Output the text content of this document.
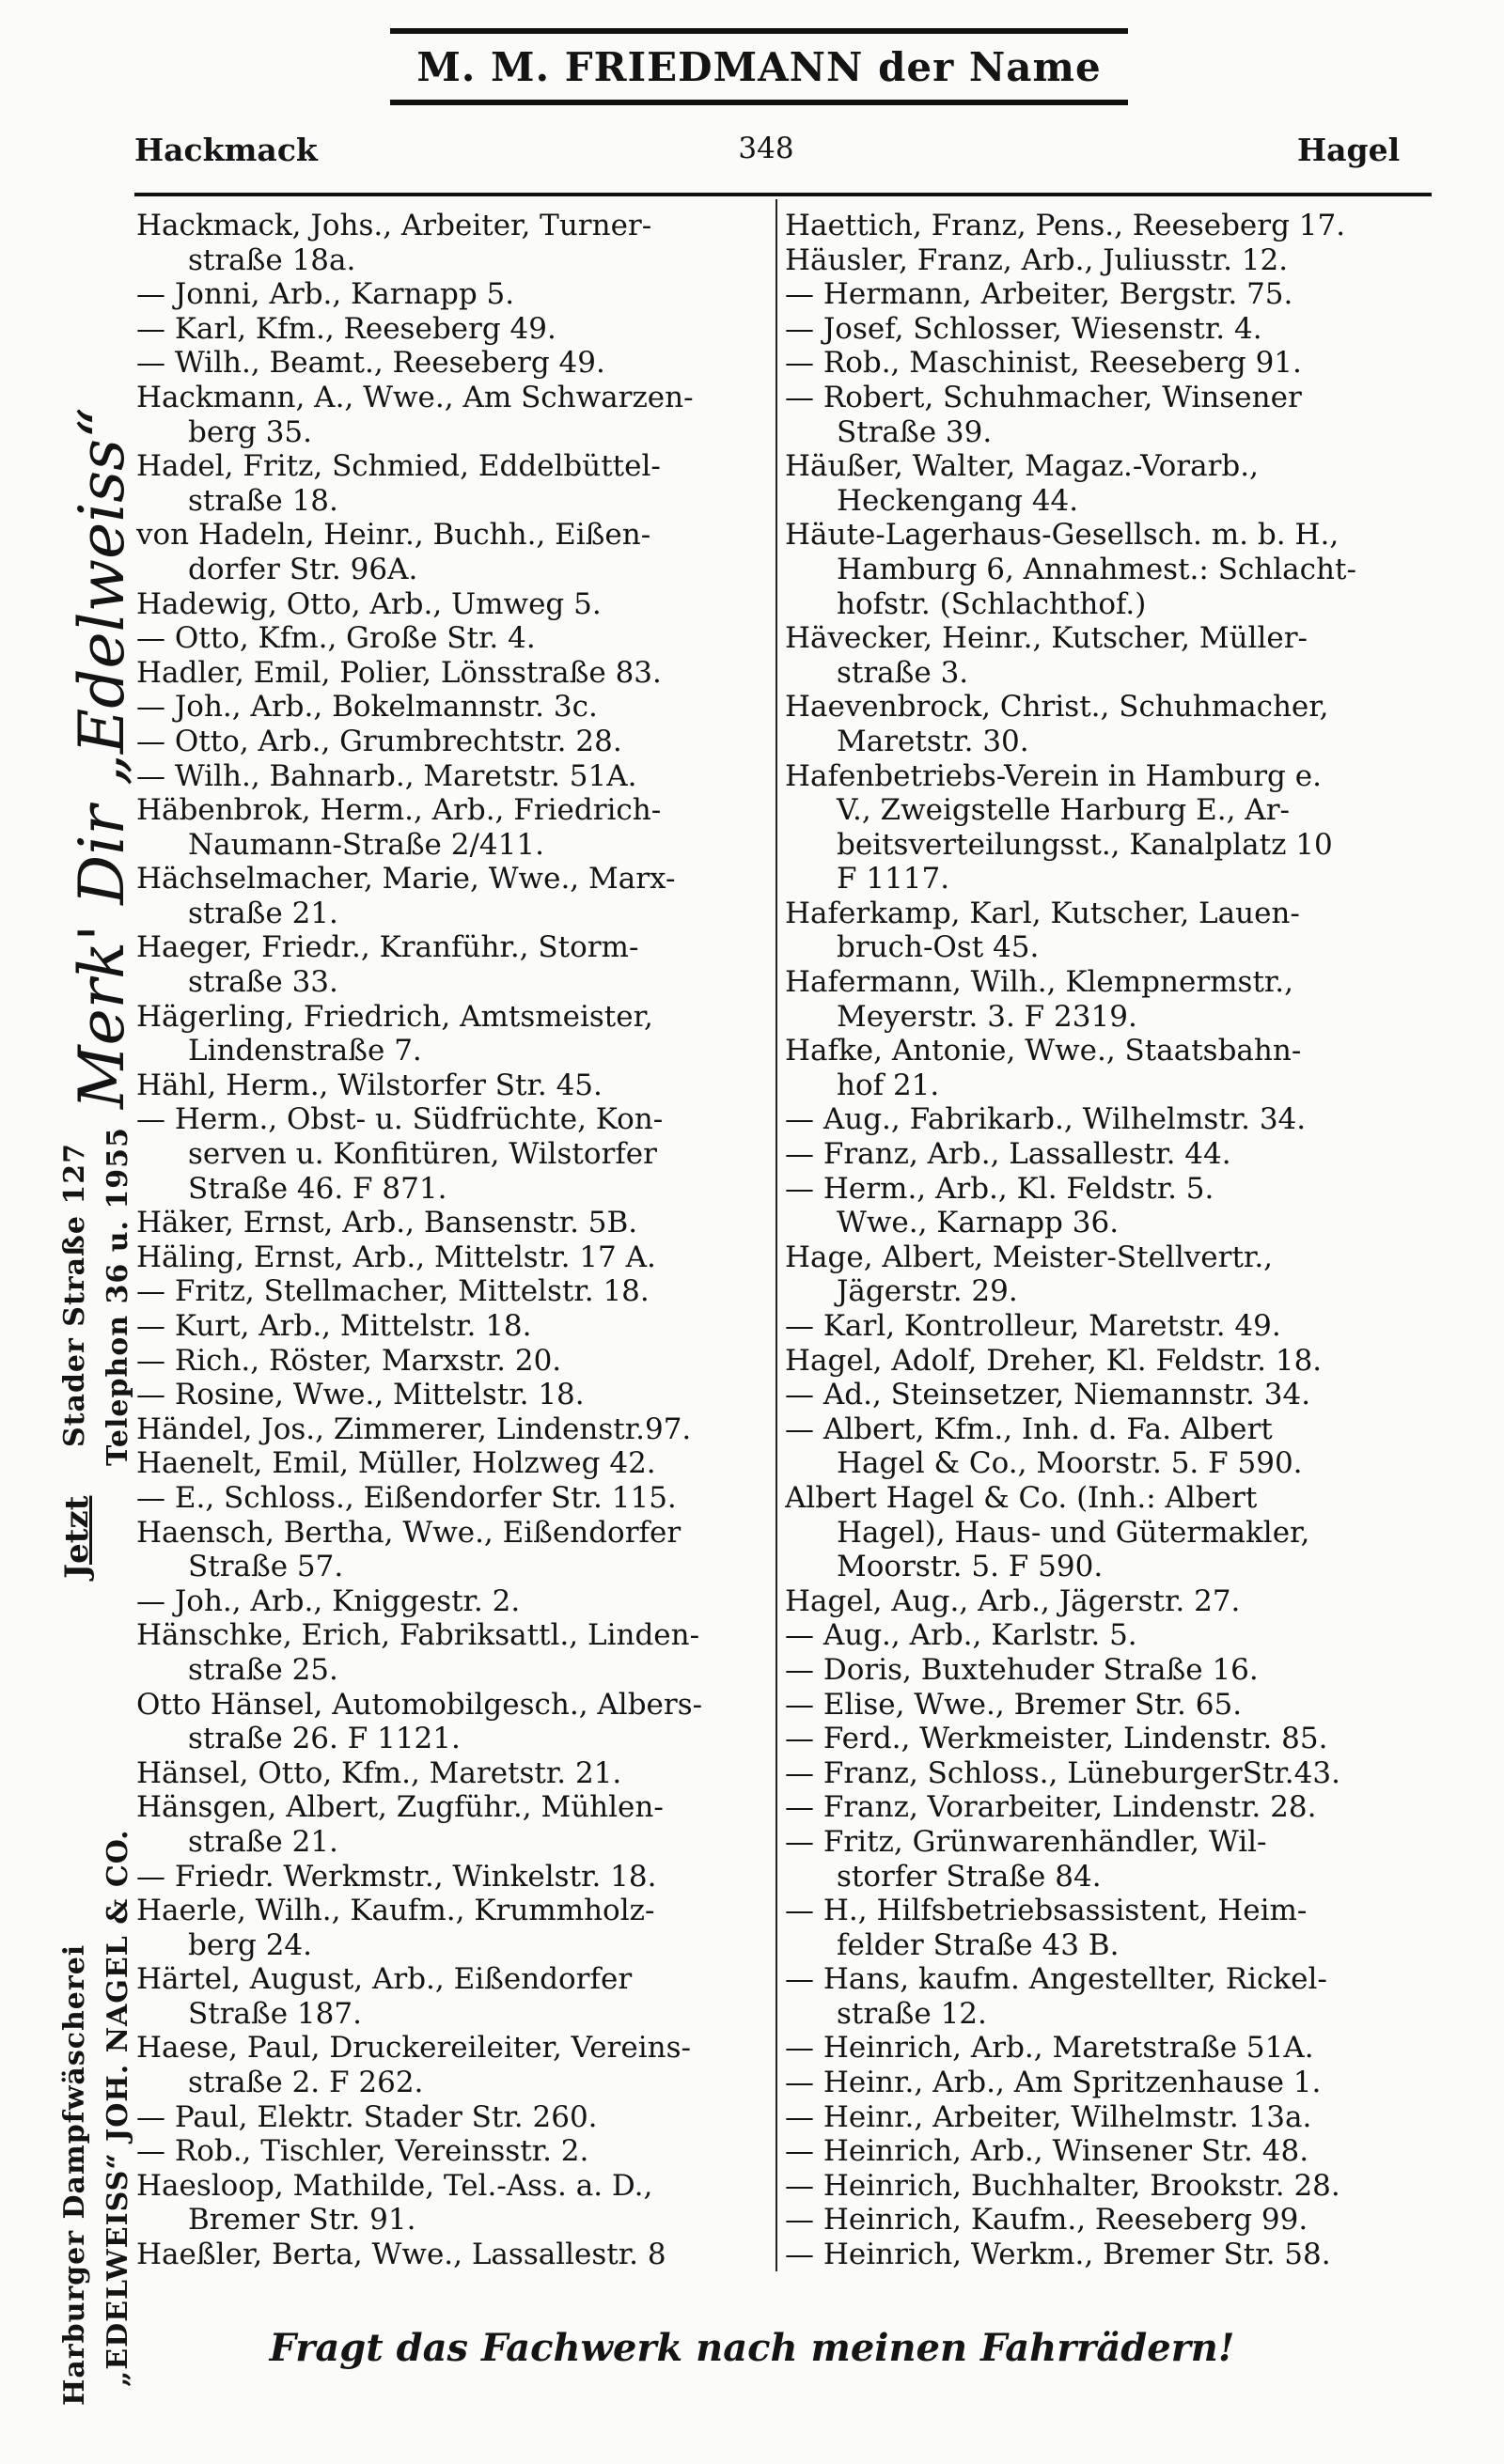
M. M. FRIEDMANN der Name
Hackmack	348	Hagel
Merk' Dir „Edelweiss“
Stader Straße 127 Telephon 36 u. 1955
Jetzt
Harburger Dampfwäscherei „EDELWEISS“ JOH. NAGEL & CO.
Hackmack, Johs., Arbeiter, Turner-
straße 18a.
— Jonni, Arb., Karnapp 5.
— Karl, Kfm., Reeseberg 49.
— Wilh., Beamt., Reeseberg 49.
Hackmann, A., Wwe., Am Schwarzen-
berg 35.
Hadel, Fritz, Schmied, Eddelbüttel-
straße 18.
von Hadeln, Heinr., Buchh., Eißen-
dorfer Str. 96A.
Hadewig, Otto, Arb., Umweg 5.
— Otto, Kfm., Große Str. 4.
Hadler, Emil, Polier, Lönsstraße 83.
— Joh., Arb., Bokelmannstr. 3c.
— Otto, Arb., Grumbrechtstr. 28.
— Wilh., Bahnarb., Maretstr. 51A.
Häbenbrok, Herm., Arb., Friedrich-
Naumann-Straße 2/411.
Hächselmacher, Marie, Wwe., Marx-
straße 21.
Haeger, Friedr., Kranführ., Storm-
straße 33.
Hägerling, Friedrich, Amtsmeister,
Lindenstraße 7.
Hähl, Herm., Wilstorfer Str. 45.
— Herm., Obst- u. Südfrüchte, Kon-
serven u. Konfitüren, Wilstorfer
Straße 46. F 871.
Häker, Ernst, Arb., Bansenstr. 5B.
Häling, Ernst, Arb., Mittelstr. 17 A.
— Fritz, Stellmacher, Mittelstr. 18.
— Kurt, Arb., Mittelstr. 18.
— Rich., Röster, Marxstr. 20.
— Rosine, Wwe., Mittelstr. 18.
Händel, Jos., Zimmerer, Lindenstr.97.
Haenelt, Emil, Müller, Holzweg 42.
— E., Schloss., Eißendorfer Str. 115.
Haensch, Bertha, Wwe., Eißendorfer
Straße 57.
— Joh., Arb., Kniggestr. 2.
Hänschke, Erich, Fabriksattl., Linden-
straße 25.
Otto Hänsel, Automobilgesch., Albers-
straße 26. F 1121.
Hänsel, Otto, Kfm., Maretstr. 21.
Hänsgen, Albert, Zugführ., Mühlen-
straße 21.
— Friedr. Werkmstr., Winkelstr. 18.
Haerle, Wilh., Kaufm., Krummholz-
berg 24.
Härtel, August, Arb., Eißendorfer
Straße 187.
Haese, Paul, Druckereileiter, Vereins-
straße 2. F 262.
— Paul, Elektr. Stader Str. 260.
— Rob., Tischler, Vereinsstr. 2.
Haesloop, Mathilde, Tel.-Ass. a. D.,
Bremer Str. 91.
Haeßler, Berta, Wwe., Lassallestr. 8
Haettich, Franz, Pens., Reeseberg 17.
Häusler, Franz, Arb., Juliusstr. 12.
— Hermann, Arbeiter, Bergstr. 75.
— Josef, Schlosser, Wiesenstr. 4.
— Rob., Maschinist, Reeseberg 91.
— Robert, Schuhmacher, Winsener
Straße 39.
Häußer, Walter, Magaz.-Vorarb.,
Heckengang 44.
Häute-Lagerhaus-Gesellsch. m. b. H.,
Hamburg 6, Annahmest.: Schlacht-
hofstr. (Schlachthof.)
Hävecker, Heinr., Kutscher, Müller-
straße 3.
Haevenbrock, Christ., Schuhmacher,
Maretstr. 30.
Hafenbetriebs-Verein in Hamburg e.
V., Zweigstelle Harburg E., Ar-
beitsverteilungsst., Kanalplatz 10
F 1117.
Haferkamp, Karl, Kutscher, Lauen-
bruch-Ost 45.
Hafermann, Wilh., Klempnermstr.,
Meyerstr. 3. F 2319.
Hafke, Antonie, Wwe., Staatsbahn-
hof 21.
— Aug., Fabrikarb., Wilhelmstr. 34.
— Franz, Arb., Lassallestr. 44.
— Herm., Arb., Kl. Feldstr. 5.
Wwe., Karnapp 36.
Hage, Albert, Meister-Stellvertr.,
Jägerstr. 29.
— Karl, Kontrolleur, Maretstr. 49.
Hagel, Adolf, Dreher, Kl. Feldstr. 18.
— Ad., Steinsetzer, Niemannstr. 34.
— Albert, Kfm., Inh. d. Fa. Albert
Hagel & Co., Moorstr. 5. F 590.
Albert Hagel & Co. (Inh.: Albert
Hagel), Haus- und Gütermakler,
Moorstr. 5. F 590.
Hagel, Aug., Arb., Jägerstr. 27.
— Aug., Arb., Karlstr. 5.
— Doris, Buxtehuder Straße 16.
— Elise, Wwe., Bremer Str. 65.
— Ferd., Werkmeister, Lindenstr. 85.
— Franz, Schloss., LüneburgerStr.43.
— Franz, Vorarbeiter, Lindenstr. 28.
— Fritz, Grünwarenhändler, Wil-
storfer Straße 84.
— H., Hilfsbetriebsassistent, Heim-
felder Straße 43 B.
— Hans, kaufm. Angestellter, Rickel-
straße 12.
— Heinrich, Arb., Maretstraße 51A.
— Heinr., Arb., Am Spritzenhause 1.
— Heinr., Arbeiter, Wilhelmstr. 13a.
— Heinrich, Arb., Winsener Str. 48.
— Heinrich, Buchhalter, Brookstr. 28.
— Heinrich, Kaufm., Reeseberg 99.
— Heinrich, Werkm., Bremer Str. 58.
Fragt das Fachwerk nach meinen Fahrrädern!
